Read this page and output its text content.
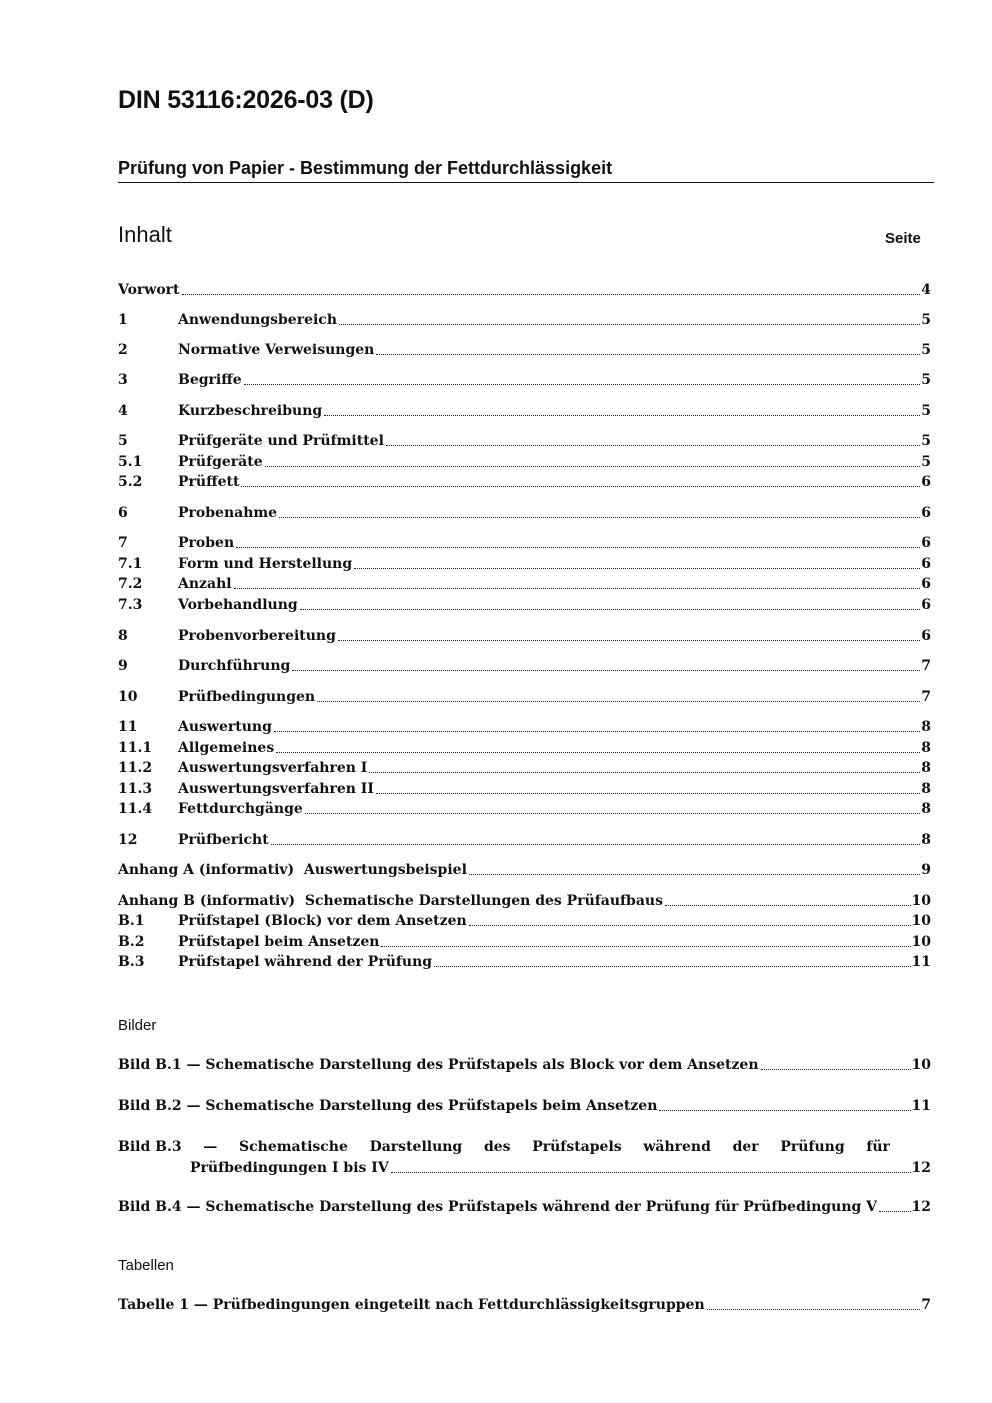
DIN 53116:2026-03 (D)
Prüfung von Papier - Bestimmung der Fettdurchlässigkeit
Inhalt	Seite
Vorwort	4
1	Anwendungsbereich	5
2	Normative Verweisungen	5
3	Begriffe	5
4	Kurzbeschreibung	5
5	Prüfgeräte und Prüfmittel	5
5.1	Prüfgeräte	5
5.2	Prüffett	6
6	Probenahme	6
7	Proben	6
7.1	Form und Herstellung	6
7.2	Anzahl	6
7.3	Vorbehandlung	6
8	Probenvorbereitung	6
9	Durchführung	7
10	Prüfbedingungen	7
11	Auswertung	8
11.1	Allgemeines	8
11.2	Auswertungsverfahren I	8
11.3	Auswertungsverfahren II	8
11.4	Fettdurchgänge	8
12	Prüfbericht	8
Anhang A (informativ)  Auswertungsbeispiel	9
Anhang B (informativ)  Schematische Darstellungen des Prüfaufbaus	10
B.1	Prüfstapel (Block) vor dem Ansetzen	10
B.2	Prüfstapel beim Ansetzen	10
B.3	Prüfstapel während der Prüfung	11
Bilder
Bild B.1 — Schematische Darstellung des Prüfstapels als Block vor dem Ansetzen	10
Bild B.2 — Schematische Darstellung des Prüfstapels beim Ansetzen	11
Bild B.3 — Schematische Darstellung des Prüfstapels während der Prüfung für
Prüfbedingungen I bis IV	12
Bild B.4 — Schematische Darstellung des Prüfstapels während der Prüfung für Prüfbedingung V 12
Tabellen
Tabelle 1 — Prüfbedingungen eingeteilt nach Fettdurchlässigkeitsgruppen	7
